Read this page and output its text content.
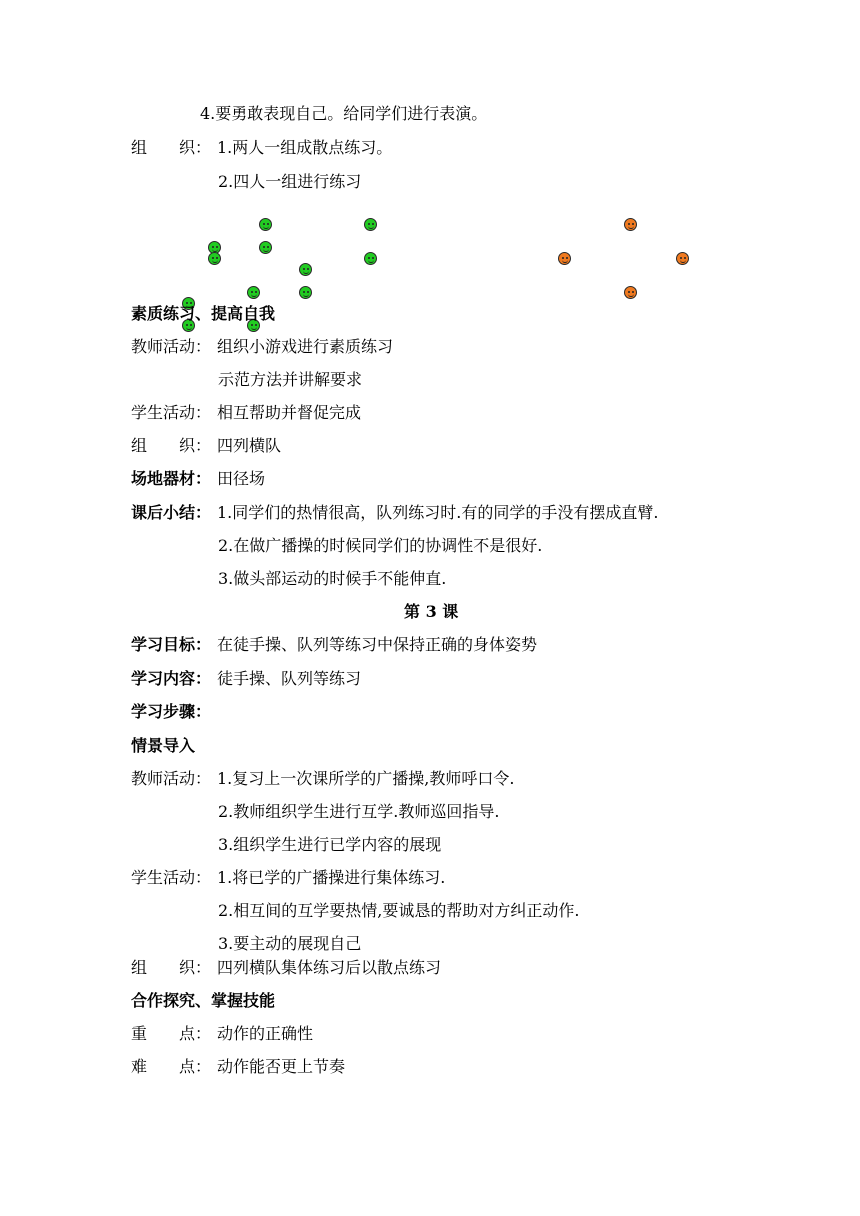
4.要勇敢表现自己。给同学们进行表演。
组　　织： 1.两人一组成散点练习。
2.四人一组进行练习
素质练习、提高自我
教师活动： 组织小游戏进行素质练习
示范方法并讲解要求
学生活动： 相互帮助并督促完成
组　　织： 四列横队
场地器材： 田径场
课后小结： 1.同学们的热情很高，队列练习时.有的同学的手没有摆成直臂.
2.在做广播操的时候同学们的协调性不是很好.
3.做头部运动的时候手不能伸直.
第 3 课
学习目标： 在徒手操、队列等练习中保持正确的身体姿势
学习内容： 徒手操、队列等练习
学习步骤：
情景导入
教师活动： 1.复习上一次课所学的广播操,教师呼口令.
2.教师组织学生进行互学.教师巡回指导.
3.组织学生进行已学内容的展现
学生活动： 1.将已学的广播操进行集体练习.
2.相互间的互学要热情,要诚恳的帮助对方纠正动作.
3.要主动的展现自己
组　　织： 四列横队集体练习后以散点练习
合作探究、掌握技能
重　　点： 动作的正确性
难　　点： 动作能否更上节奏
